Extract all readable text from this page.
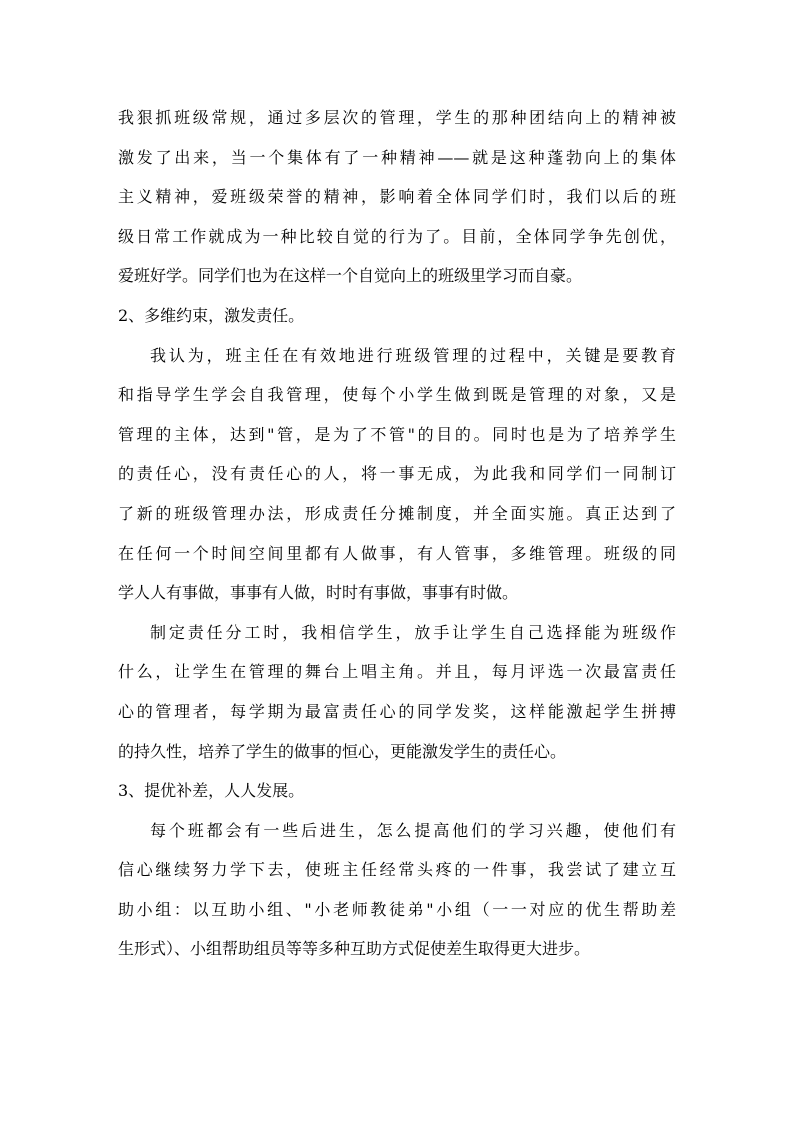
我狠抓班级常规，通过多层次的管理，学生的那种团结向上的精神被
激发了出来，当一个集体有了一种精神——就是这种蓬勃向上的集体
主义精神，爱班级荣誉的精神，影响着全体同学们时，我们以后的班
级日常工作就成为一种比较自觉的行为了。目前，全体同学争先创优，
爱班好学。同学们也为在这样一个自觉向上的班级里学习而自豪。
2、多维约束，激发责任。
我认为，班主任在有效地进行班级管理的过程中，关键是要教育
和指导学生学会自我管理，使每个小学生做到既是管理的对象，又是
管理的主体，达到"管，是为了不管"的目的。同时也是为了培养学生
的责任心，没有责任心的人，将一事无成，为此我和同学们一同制订
了新的班级管理办法，形成责任分摊制度，并全面实施。真正达到了
在任何一个时间空间里都有人做事，有人管事，多维管理。班级的同
学人人有事做，事事有人做，时时有事做，事事有时做。
制定责任分工时，我相信学生，放手让学生自己选择能为班级作
什么，让学生在管理的舞台上唱主角。并且，每月评选一次最富责任
心的管理者，每学期为最富责任心的同学发奖，这样能激起学生拼搏
的持久性，培养了学生的做事的恒心，更能激发学生的责任心。
3、提优补差，人人发展。
每个班都会有一些后进生，怎么提高他们的学习兴趣，使他们有
信心继续努力学下去，使班主任经常头疼的一件事，我尝试了建立互
助小组：以互助小组、"小老师教徒弟"小组（一一对应的优生帮助差
生形式）、小组帮助组员等等多种互助方式促使差生取得更大进步。
